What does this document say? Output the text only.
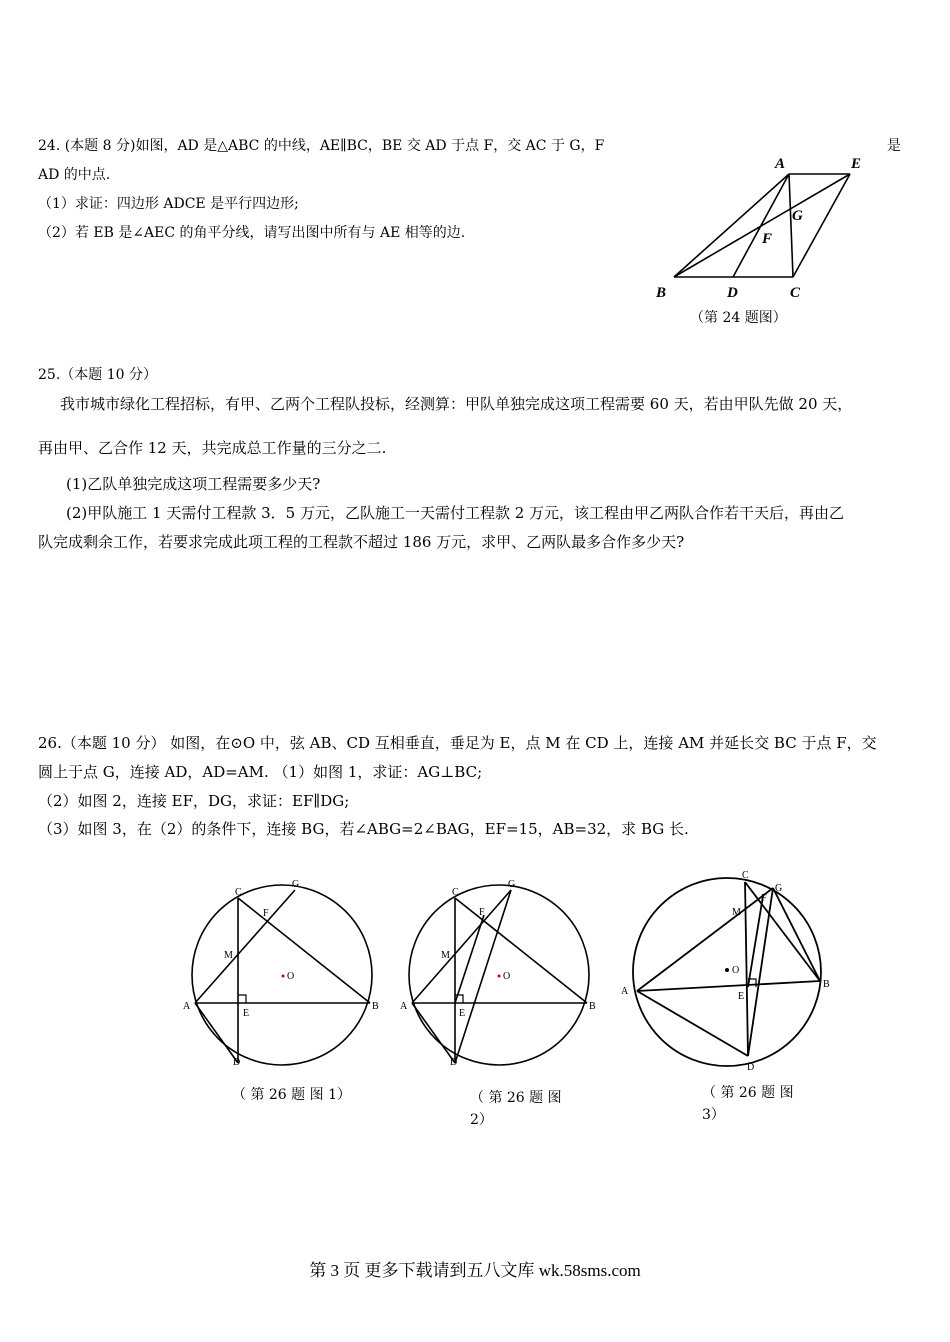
24. (本题 8 分)如图，AD 是△ABC 的中线，AE∥BC，BE 交 AD 于点 F，交 AC 于 G，F	是
AD 的中点.
（1）求证：四边形 ADCE 是平行四边形;
（2）若 EB 是∠AEC 的角平分线，请写出图中所有与 AE 相等的边.
A	E
G
F
B	D	C
（第 24 题图）
25.（本题 10 分）
我市城市绿化工程招标，有甲、乙两个工程队投标，经测算：甲队单独完成这项工程需要 60 天，若由甲队先做 20 天，
再由甲、乙合作 12 天，共完成总工作量的三分之二.
(1)乙队单独完成这项工程需要多少天?
(2)甲队施工 1 天需付工程款 3．5 万元，乙队施工一天需付工程款 2 万元，该工程由甲乙两队合作若干天后，再由乙
队完成剩余工作，若要求完成此项工程的工程款不超过 186 万元，求甲、乙两队最多合作多少天?
26.（本题 10 分） 如图，在⊙O 中，弦 AB、CD 互相垂直，垂足为 E，点 M 在 CD 上，连接 AM 并延长交 BC 于点 F，交
圆上于点 G，连接 AD，AD=AM. （1）如图 1，求证：AG⊥BC;
（2）如图 2，连接 EF，DG，求证：EF∥DG;
（3）如图 3，在（2）的条件下，连接 BG，若∠ABG=2∠BAG，EF=15，AB=32，求 BG 长.
O
C
G
F
M
A
E
B
D
O
C
G
F
M
A
E
B
D
O
C
G
F
M
A	E
B
D
（ 第 26 题 图 1）	（ 第 26 题 图 2）
（ 第 26 题 图 3）
第 3 页 更多下载请到五八文库 wk.58sms.com
